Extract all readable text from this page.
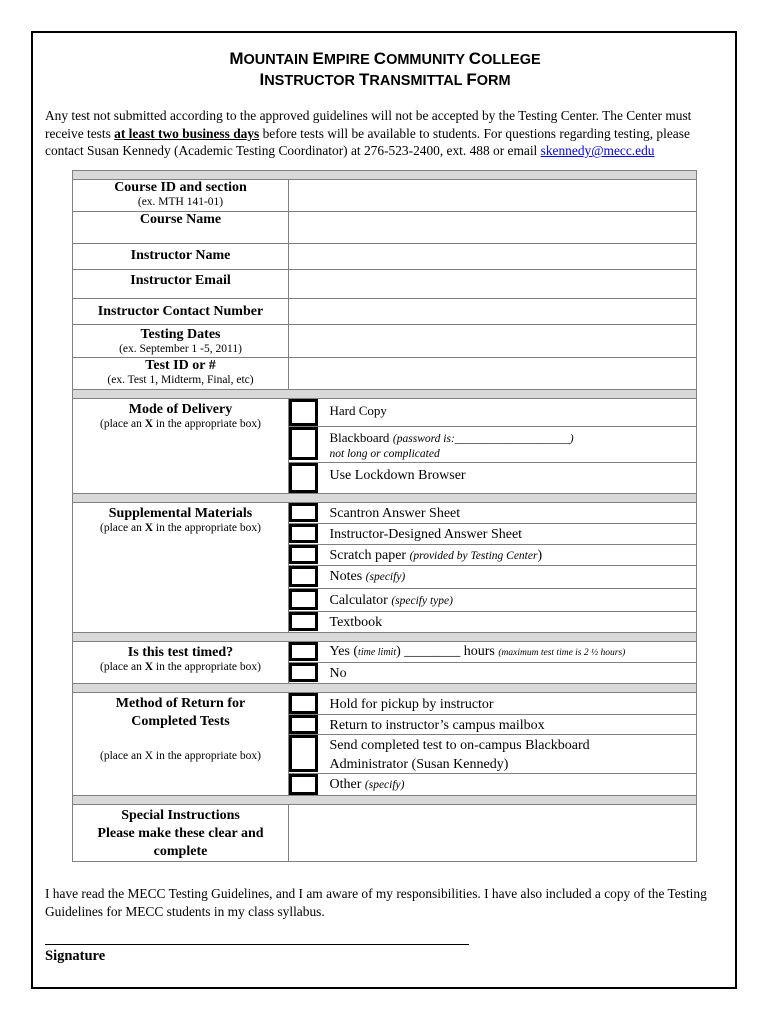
MOUNTAIN EMPIRE COMMUNITY COLLEGE
INSTRUCTOR TRANSMITTAL FORM
Any test not submitted according to the approved guidelines will not be accepted by the Testing Center. The Center must receive tests at least two business days before tests will be available to students. For questions regarding testing, please contact Susan Kennedy (Academic Testing Coordinator) at 276-523-2400, ext. 488 or email skennedy@mecc.edu

Course ID and section
(ex. MTH 141-01)		

Course Name		

Instructor Name		

Instructor Email		

Instructor Contact Number		

Testing Dates
(ex. September 1 -5, 2011)		

Test ID or #
(ex. Test 1, Midterm, Final, etc)		

Mode of Delivery
(place an X in the appropriate box)		Hard Copy

		Blackboard (password is:____________________)
not long or complicated

		Use Lockdown Browser

Supplemental Materials
(place an X in the appropriate box)		Scantron Answer Sheet

		Instructor-Designed Answer Sheet

		Scratch paper (provided by Testing Center)

		Notes (specify)

		Calculator (specify type)

		Textbook

Is this test timed?
(place an X in the appropriate box)		Yes (time limit) ________ hours (maximum test time is 2 ½ hours)

		No

Method of Return for
Completed Tests
(place an X in the appropriate box)		Hold for pickup by instructor

		Return to instructor’s campus mailbox

		Send completed test to on-campus Blackboard
Administrator (Susan Kennedy)

		Other (specify)

Special Instructions
Please make these clear and
complete		

I have read the MECC Testing Guidelines, and I am aware of my responsibilities. I have also included a copy of the Testing Guidelines for MECC students in my class syllabus.
Signature
